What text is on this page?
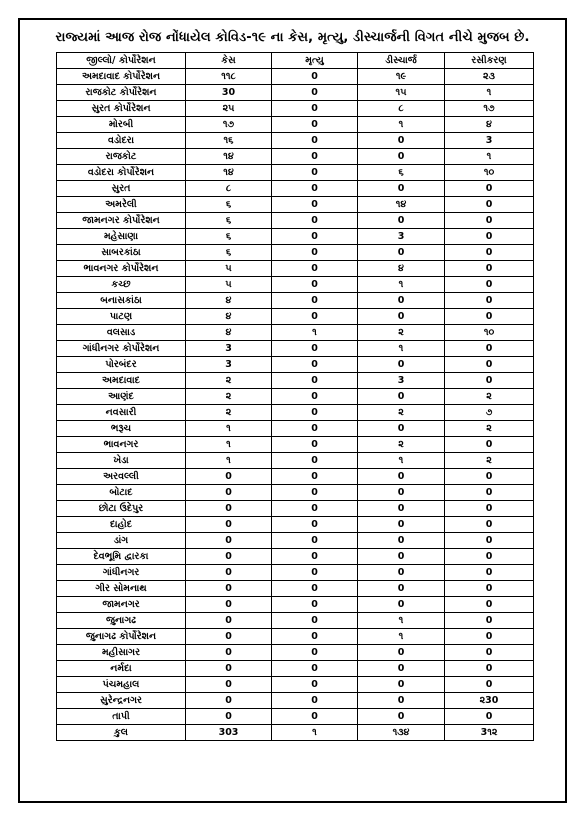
રાજ્યમાં આજ રોજ નોંધાયેલ કોવિડ-૧૯ ના કેસ, મૃત્યુ, ડીસ્ચાર્જની વિગત નીચે મુજબ છે.
જીલ્લો/ કોર્પોરેશન	કેસ	મૃત્યુ	ડીસ્ચાર્જ	રસીકરણ
અમદાવાદ કોર્પોરેશન	૧૧૮	0	૧૯	૨૩
રાજકોટ કોર્પોરેશન	30	0	૧૫	૧
સુરત કોર્પોરેશન	૨૫	0	૮	૧૭
મોરબી	૧૭	0	૧	૪
વડોદરા	૧૬	0	0	3
રાજકોટ	૧૪	0	0	૧
વડોદરા કોર્પોરેશન	૧૪	0	૬	૧૦
સુરત	૮	0	0	0
અમરેલી	૬	0	૧૪	0
જામનગર કોર્પોરેશન	૬	0	0	0
મહેસાણા	૬	0	3	0
સાબરકાંઠા	૬	0	0	0
ભાવનગર કોર્પોરેશન	૫	0	૪	0
કચ્છ	૫	0	૧	0
બનાસકાંઠા	૪	0	0	0
પાટણ	૪	0	0	0
વલસાડ	૪	૧	૨	૧૦
ગાંધીનગર કોર્પોરેશન	3	0	૧	0
પોરબંદર	3	0	0	0
અમદાવાદ	૨	0	3	0
આણંદ	૨	0	0	૨
નવસારી	૨	0	૨	૭
ભરૂચ	૧	0	0	૨
ભાવનગર	૧	0	૨	0
ખેડા	૧	0	૧	૨
અરવલ્લી	0	0	0	0
બોટાદ	0	0	0	0
છોટા ઉદેપુર	0	0	0	0
દાહોદ	0	0	0	0
ડાંગ	0	0	0	0
દેવભૂમિ દ્વારકા	0	0	0	0
ગાંધીનગર	0	0	0	0
ગીર સોમનાથ	0	0	0	0
જામનગર	0	0	0	0
જુનાગઢ	0	0	૧	0
જુનાગઢ કોર્પોરેશન	0	0	૧	0
મહીસાગર	0	0	0	0
નર્મદા	0	0	0	0
પંચમહાલ	0	0	0	0
સુરેન્દ્રનગર	0	0	0	૨30
તાપી	0	0	0	0
કુલ	303	૧	૧૩૪	3૧૨
